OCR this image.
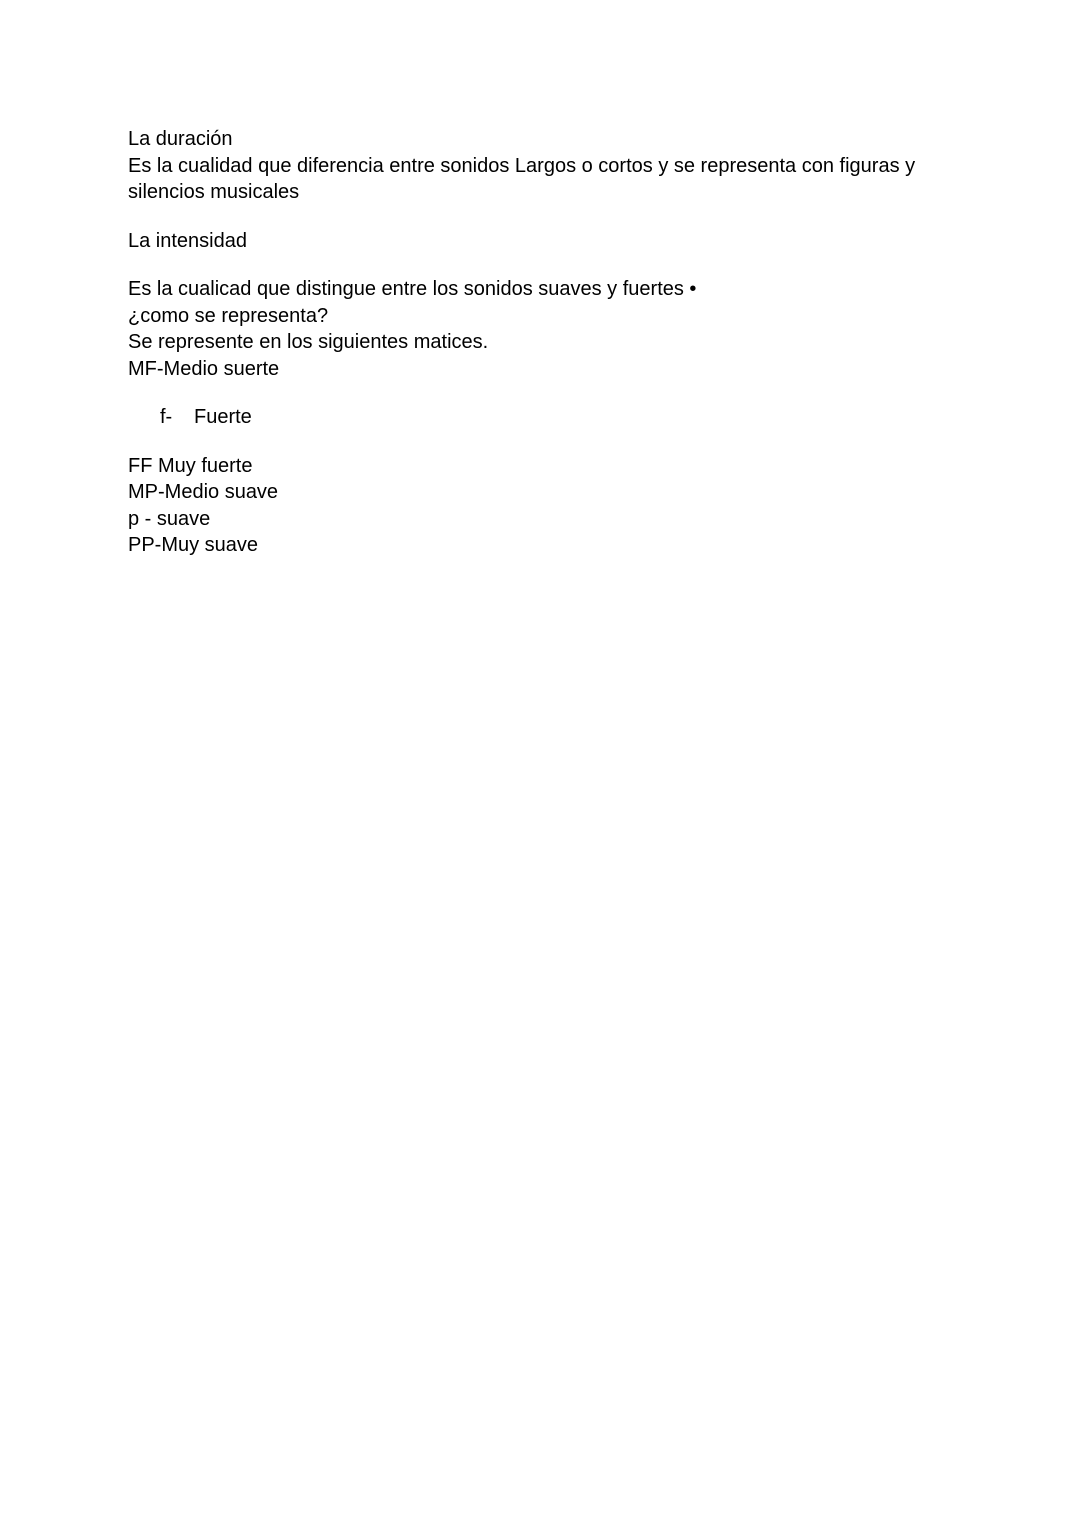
La duración
Es la cualidad que diferencia entre sonidos Largos o cortos y se representa con figuras y silencios musicales
La intensidad
Es la cualicad que distingue entre los sonidos suaves y fuertes •
¿como se representa?
Se represente en los siguientes matices.
MF-Medio suerte
f-	Fuerte
FF Muy fuerte
MP-Medio suave
p - suave
PP-Muy suave
